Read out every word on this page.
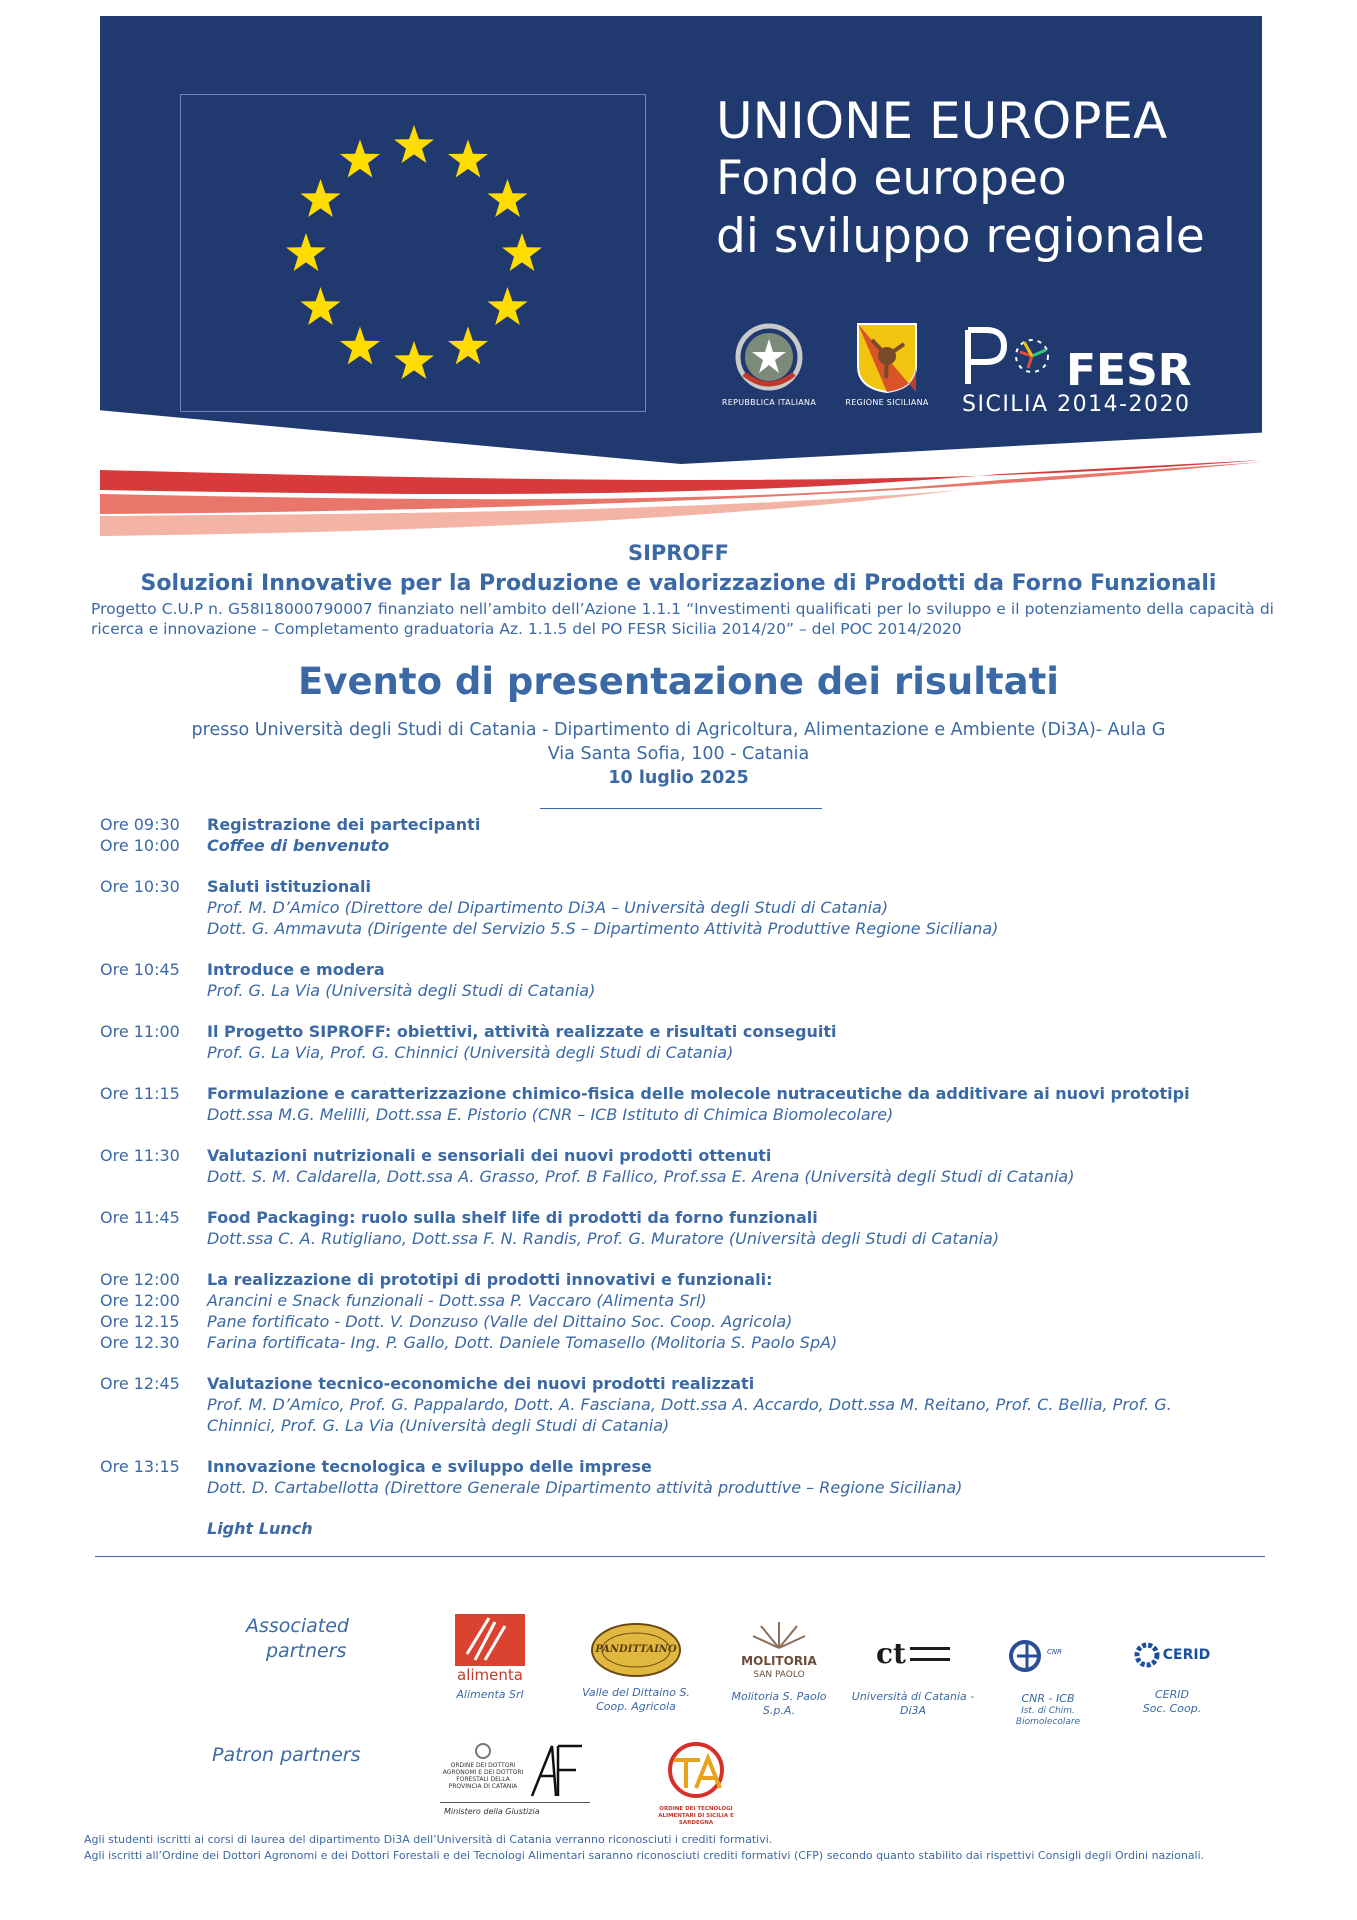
UNIONE EUROPEA
Fondo europeo
di sviluppo regionale
REPUBBLICA ITALIANA	REGIONE SICILIANA
FESR
SICILIA 2014-2020
SIPROFF
Soluzioni Innovative per la Produzione e valorizzazione di Prodotti da Forno Funzionali
Progetto C.U.P n. G58I18000790007 finanziato nell’ambito dell’Azione 1.1.1 “Investimenti qualificati per lo sviluppo e il potenziamento della capacità di ricerca e innovazione – Completamento graduatoria Az. 1.1.5 del PO FESR Sicilia 2014/20” – del POC 2014/2020
Evento di presentazione dei risultati
presso Università degli Studi di Catania - Dipartimento di Agricoltura, Alimentazione e Ambiente (Di3A)- Aula G
Via Santa Sofia, 100 - Catania
10 luglio 2025
Ore 09:30	Registrazione dei partecipanti
Ore 10:00	Coffee di benvenuto
Ore 10:30	Saluti istituzionali
Prof. M. D’Amico (Direttore del Dipartimento Di3A – Università degli Studi di Catania)
Dott. G. Ammavuta (Dirigente del Servizio 5.S – Dipartimento Attività Produttive Regione Siciliana)
Ore 10:45	Introduce e modera
Prof. G. La Via (Università degli Studi di Catania)
Ore 11:00	Il Progetto SIPROFF: obiettivi, attività realizzate e risultati conseguiti
Prof. G. La Via, Prof. G. Chinnici (Università degli Studi di Catania)
Ore 11:15	Formulazione e caratterizzazione chimico-fisica delle molecole nutraceutiche da additivare ai nuovi prototipi
Dott.ssa M.G. Melilli, Dott.ssa E. Pistorio (CNR – ICB Istituto di Chimica Biomolecolare)
Ore 11:30	Valutazioni nutrizionali e sensoriali dei nuovi prodotti ottenuti
Dott. S. M. Caldarella, Dott.ssa A. Grasso, Prof. B Fallico, Prof.ssa E. Arena (Università degli Studi di Catania)
Ore 11:45	Food Packaging: ruolo sulla shelf life di prodotti da forno funzionali
Dott.ssa C. A. Rutigliano, Dott.ssa F. N. Randis, Prof. G. Muratore (Università degli Studi di Catania)
Ore 12:00	La realizzazione di prototipi di prodotti innovativi e funzionali:
Ore 12:00	Arancini e Snack funzionali - Dott.ssa P. Vaccaro (Alimenta Srl)
Ore 12.15	Pane fortificato - Dott. V. Donzuso (Valle del Dittaino Soc. Coop. Agricola)
Ore 12.30	Farina fortificata- Ing. P. Gallo, Dott. Daniele Tomasello (Molitoria S. Paolo SpA)
Ore 12:45	Valutazione tecnico-economiche dei nuovi prodotti realizzati
Prof. M. D’Amico, Prof. G. Pappalardo, Dott. A. Fasciana, Dott.ssa A. Accardo, Dott.ssa M. Reitano, Prof. C. Bellia, Prof. G.
Chinnici, Prof. G. La Via (Università degli Studi di Catania)
Ore 13:15	Innovazione tecnologica e sviluppo delle imprese
Dott. D. Cartabellotta (Direttore Generale Dipartimento attività produttive – Regione Siciliana)
Light Lunch
Associated
partners
alimenta
Alimenta Srl
PANDITTAINO
Valle del Dittaino S.
Coop. Agricola
MOLITORIA
SAN PAOLO
Molitoria S. Paolo
S.p.A.
ct
Università di Catania -
Di3A
CNR
CNR - ICB
Ist. di Chim.
Biomolecolare
CERID
CERID
Soc. Coop.
Patron partners	ORDINE DEI DOTTORI AGRONOMI E DEI DOTTORI FORESTALI DELLA PROVINCIA DI CATANIA
Ministero della Giustizia	ORDINE DEI TECNOLOGI ALIMENTARI DI SICILIA E SARDEGNA
Agli studenti iscritti ai corsi di laurea del dipartimento Di3A dell’Università di Catania verranno riconosciuti i crediti formativi.
Agli iscritti all’Ordine dei Dottori Agronomi e dei Dottori Forestali e dei Tecnologi Alimentari saranno riconosciuti crediti formativi (CFP) secondo quanto stabilito dai rispettivi Consigli degli Ordini nazionali.
